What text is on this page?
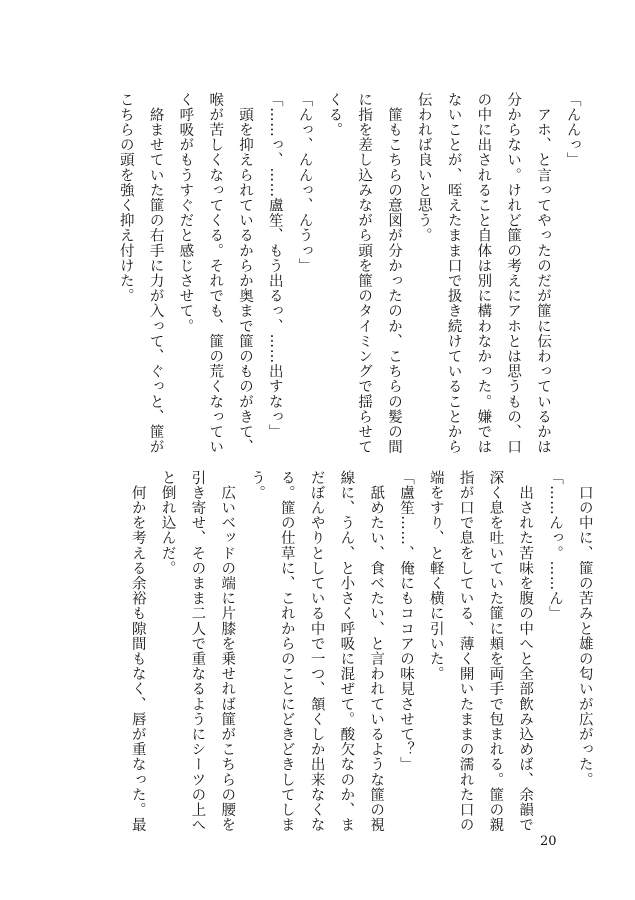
「んんっ」
　アホ、と言ってやったのだが篚に伝わっているかは
分からない。けれど篚の考えにアホとは思うもの、口
の中に出されること自体は別に構わなかった。嫌では
ないことが、咥えたまま口で扱き続けていることから
伝われば良いと思う。
　篚もこちらの意図が分かったのか、こちらの髪の間
に指を差し込みながら頭を篚のタイミングで揺らせて
くる。
「んっ、んんっ、んうっ」
「……っ、……盧笙、もう出るっ、……出すなっ」
　頭を抑えられているからか奥まで篚のものがきて、
喉が苦しくなってくる。それでも、篚の荒くなってい
く呼吸がもうすぐだと感じさせて。
　絡ませていた篚の右手に力が入って、ぐっと、篚が
こちらの頭を強く抑え付けた。
　口の中に、篚の苦みと雄の匂いが広がった。
「……んっ。……ん」
　出された苦味を腹の中へと全部飲み込めば、余韻で
深く息を吐いていた篚に頬を両手で包まれる。篚の親
指が口で息をしている、薄く開いたままの濡れた口の
端をすり、と軽く横に引いた。
「盧笙……、俺にもココアの味見させて？」
　舐めたい、食べたい、と言われているような篚の視
線に、うん、と小さく呼吸に混ぜて。酸欠なのか、ま
だぼんやりとしている中で一つ、頷くしか出来なくな
る。篚の仕草に、これからのことにどきどきしてしま
う。
　広いベッドの端に片膝を乗せれば篚がこちらの腰を
引き寄せ、そのまま二人で重なるようにシーツの上へ
と倒れ込んだ。
　何かを考える余裕も隙間もなく、唇が重なった。最
20
